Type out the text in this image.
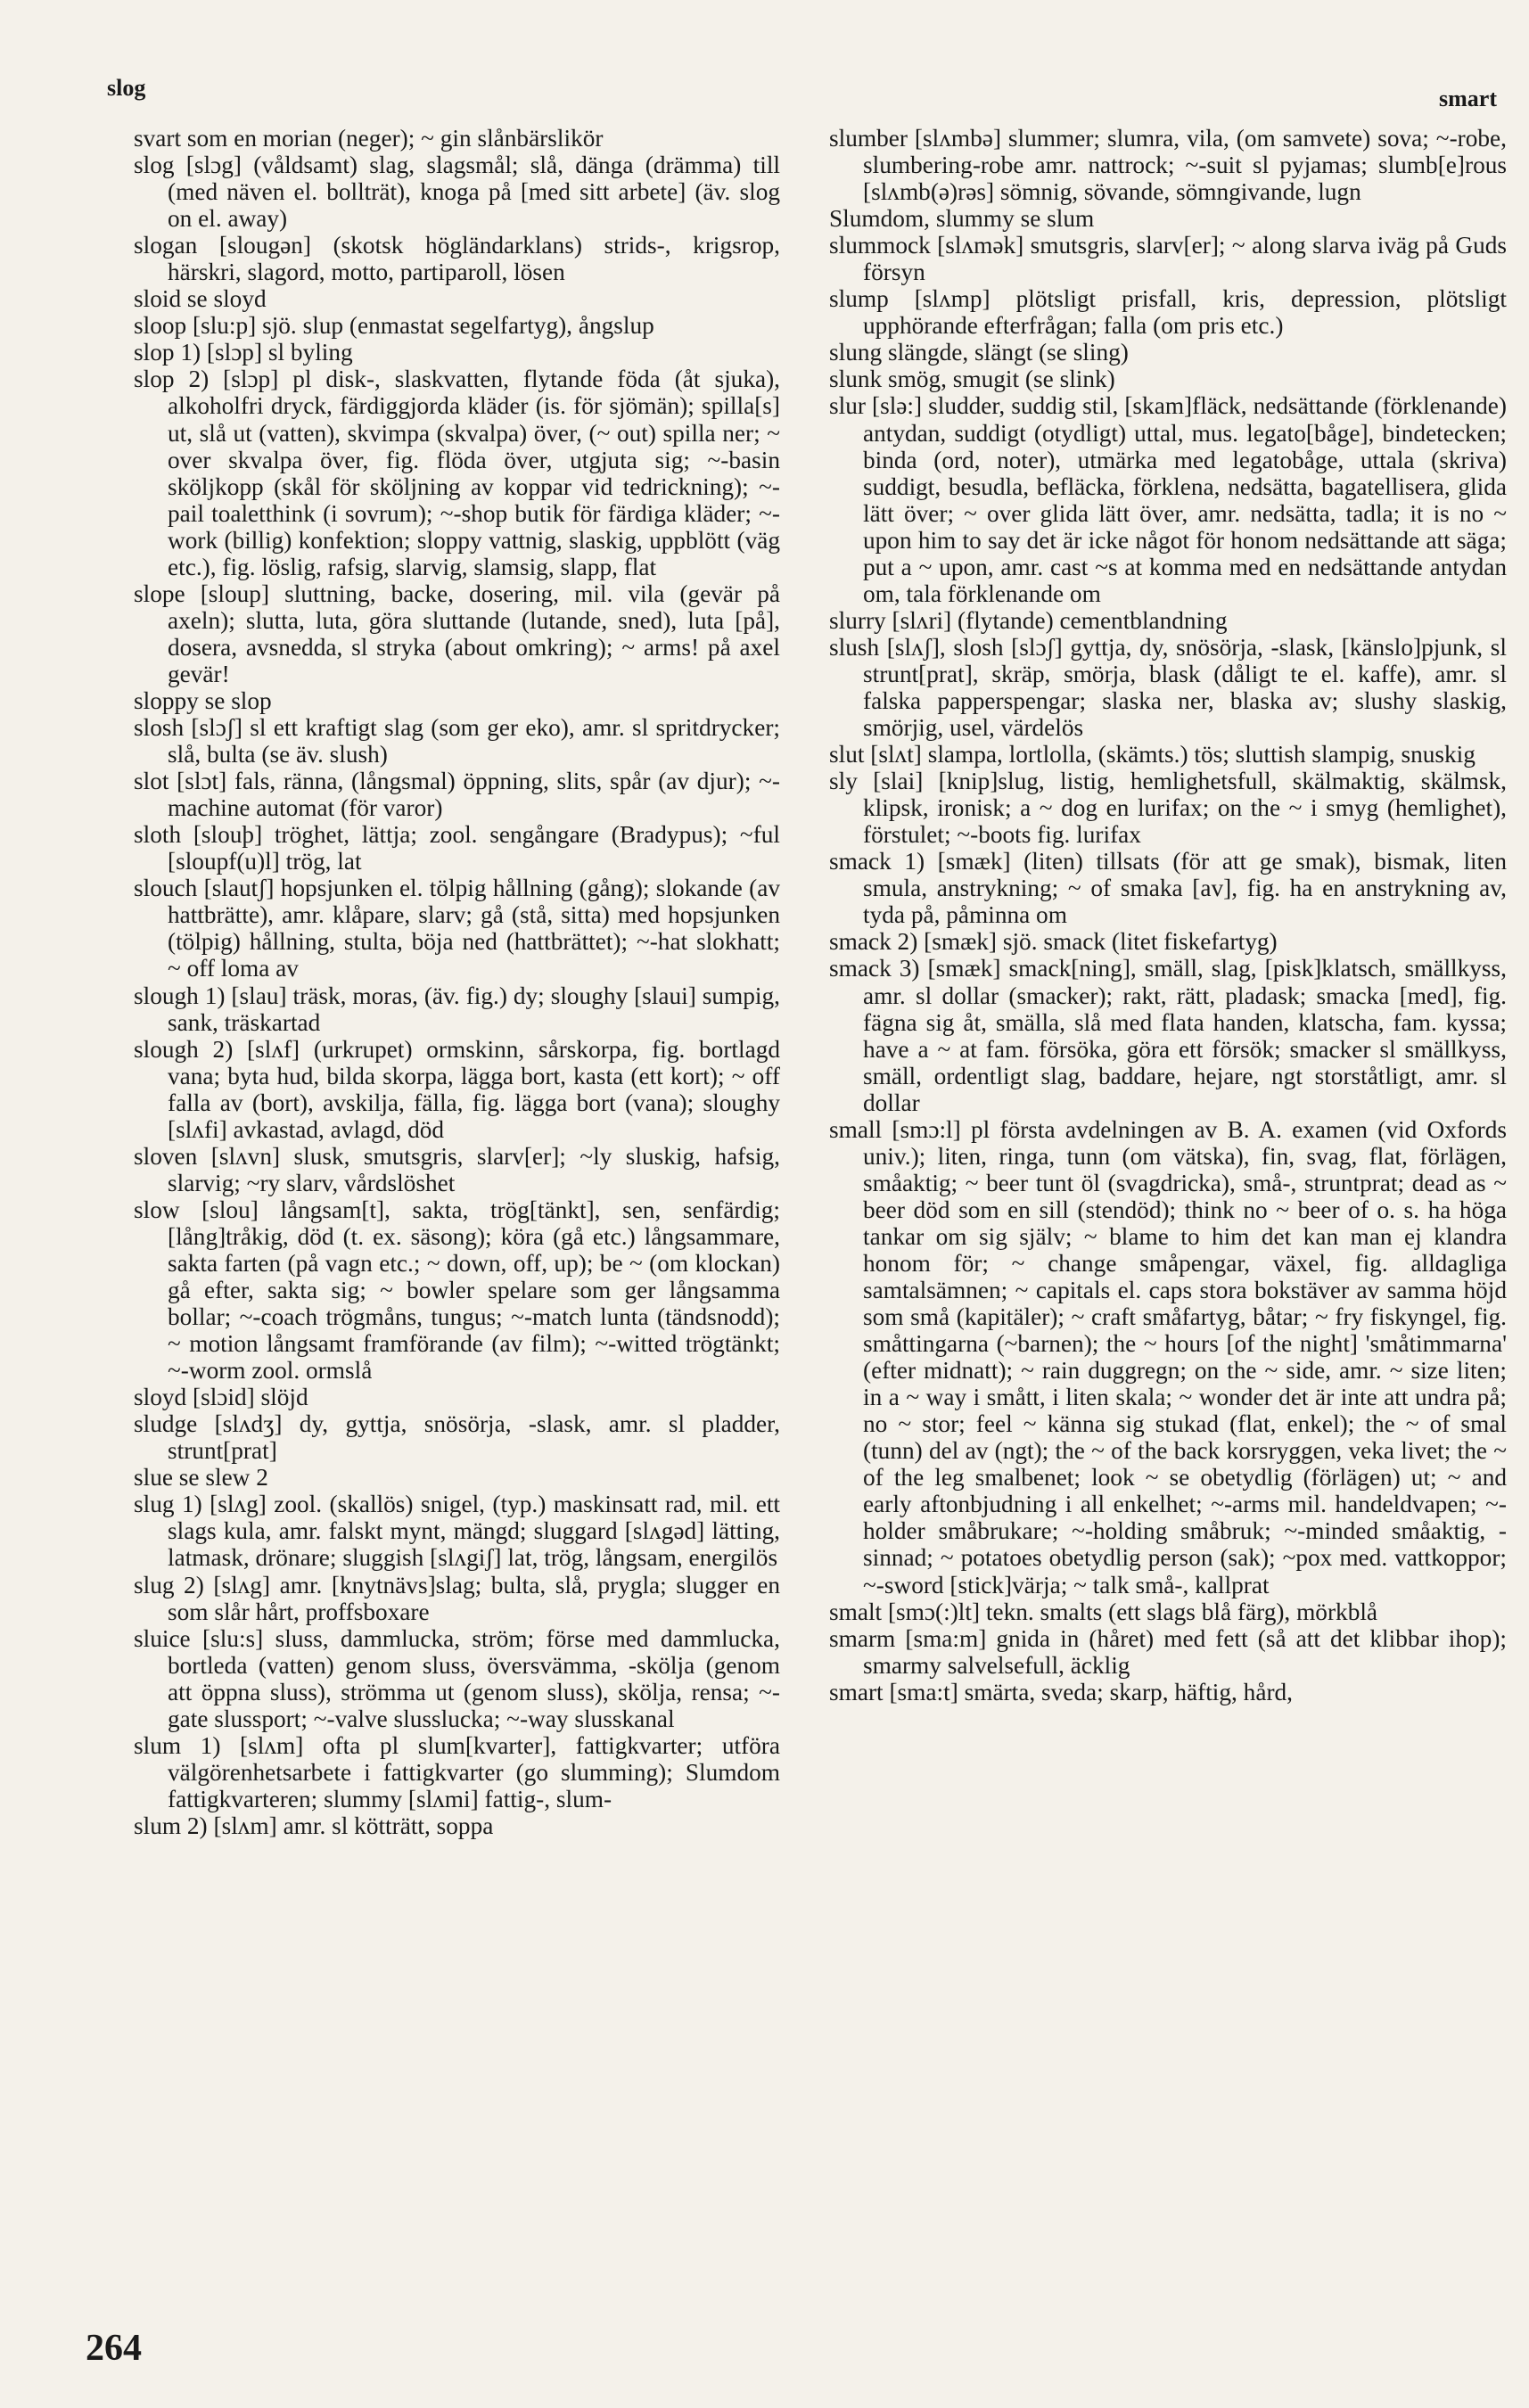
slog	smart

svart som en morian (neger); ~ gin slånbärslikör

slog [slɔg] (våldsamt) slag, slagsmål; slå, dänga (drämma) till (med näven el. bollträt), knoga på [med sitt arbete] (äv. slog on el. away)

slogan [slougən] (skotsk högländarklans) strids-, krigsrop, härskri, slagord, motto, partiparoll, lösen

sloid se sloyd

sloop [slu:p] sjö. slup (enmastat segelfartyg), ångslup

slop 1) [slɔp] sl byling

slop 2) [slɔp] pl disk-, slaskvatten, flytande föda (åt sjuka), alkoholfri dryck, färdiggjorda kläder (is. för sjömän); spilla[s] ut, slå ut (vatten), skvimpa (skvalpa) över, (~ out) spilla ner; ~ over skvalpa över, fig. flöda över, utgjuta sig; ~-basin sköljkopp (skål för sköljning av koppar vid tedrickning); ~-pail toaletthink (i sovrum); ~-shop butik för färdiga kläder; ~-work (billig) konfektion; sloppy vattnig, slaskig, uppblött (väg etc.), fig. löslig, rafsig, slarvig, slamsig, slapp, flat

slope [sloup] sluttning, backe, dosering, mil. vila (gevär på axeln); slutta, luta, göra sluttande (lutande, sned), luta [på], dosera, avsnedda, sl stryka (about omkring); ~ arms! på axel gevär!

sloppy se slop

slosh [slɔʃ] sl ett kraftigt slag (som ger eko), amr. sl spritdrycker; slå, bulta (se äv. slush)

slot [slɔt] fals, ränna, (långsmal) öppning, slits, spår (av djur); ~-machine automat (för varor)

sloth [slouþ] tröghet, lättja; zool. sengångare (Bradypus); ~ful [sloupf(u)l] trög, lat

slouch [slautʃ] hopsjunken el. tölpig hållning (gång); slokande (av hattbrätte), amr. klåpare, slarv; gå (stå, sitta) med hopsjunken (tölpig) hållning, stulta, böja ned (hattbrättet); ~-hat slokhatt; ~ off loma av

slough 1) [slau] träsk, moras, (äv. fig.) dy; sloughy [slaui] sumpig, sank, träskartad

slough 2) [slʌf] (urkrupet) ormskinn, sårskorpa, fig. bortlagd vana; byta hud, bilda skorpa, lägga bort, kasta (ett kort); ~ off falla av (bort), avskilja, fälla, fig. lägga bort (vana); sloughy [slʌfi] avkastad, avlagd, död

sloven [slʌvn] slusk, smutsgris, slarv[er]; ~ly sluskig, hafsig, slarvig; ~ry slarv, vårdslöshet

slow [slou] långsam[t], sakta, trög[tänkt], sen, senfärdig; [lång]tråkig, död (t. ex. säsong); köra (gå etc.) långsammare, sakta farten (på vagn etc.; ~ down, off, up); be ~ (om klockan) gå efter, sakta sig; ~ bowler spelare som ger långsamma bollar; ~-coach trögmåns, tungus; ~-match lunta (tändsnodd); ~ motion långsamt framförande (av film); ~-witted trögtänkt; ~-worm zool. ormslå

sloyd [slɔid] slöjd

sludge [slʌdʒ] dy, gyttja, snösörja, -slask, amr. sl pladder, strunt[prat]

slue se slew 2

slug 1) [slʌg] zool. (skallös) snigel, (typ.) maskinsatt rad, mil. ett slags kula, amr. falskt mynt, mängd; sluggard [slʌgəd] lätting, latmask, drönare; sluggish [slʌgiʃ] lat, trög, långsam, energilös

slug 2) [slʌg] amr. [knytnävs]slag; bulta, slå, prygla; slugger en som slår hårt, proffsboxare

sluice [slu:s] sluss, dammlucka, ström; förse med dammlucka, bortleda (vatten) genom sluss, översvämma, -skölja (genom att öppna sluss), strömma ut (genom sluss), skölja, rensa; ~-gate slussport; ~-valve slusslucka; ~-way slusskanal

slum 1) [slʌm] ofta pl slum[kvarter], fattigkvarter; utföra välgörenhetsarbete i fattigkvarter (go slumming); Slumdom fattigkvarteren; slummy [slʌmi] fattig-, slum-

slum 2) [slʌm] amr. sl kötträtt, soppa

slumber [slʌmbə] slummer; slumra, vila, (om samvete) sova; ~-robe, slumbering-robe amr. nattrock; ~-suit sl pyjamas; slumb[e]rous [slʌmb(ə)rəs] sömnig, sövande, sömngivande, lugn

Slumdom, slummy se slum

slummock [slʌmək] smutsgris, slarv[er]; ~ along slarva iväg på Guds försyn

slump [slʌmp] plötsligt prisfall, kris, depression, plötsligt upphörande efterfrågan; falla (om pris etc.)

slung slängde, slängt (se sling)

slunk smög, smugit (se slink)

slur [slə:] sludder, suddig stil, [skam]fläck, nedsättande (förklenande) antydan, suddigt (otydligt) uttal, mus. legato[båge], bindetecken; binda (ord, noter), utmärka med legatobåge, uttala (skriva) suddigt, besudla, befläcka, förklena, nedsätta, bagatellisera, glida lätt över; ~ over glida lätt över, amr. nedsätta, tadla; it is no ~ upon him to say det är icke något för honom nedsättande att säga; put a ~ upon, amr. cast ~s at komma med en nedsättande antydan om, tala förklenande om

slurry [slʌri] (flytande) cementblandning

slush [slʌʃ], slosh [slɔʃ] gyttja, dy, snösörja, -slask, [känslo]pjunk, sl strunt[prat], skräp, smörja, blask (dåligt te el. kaffe), amr. sl falska papperspengar; slaska ner, blaska av; slushy slaskig, smörjig, usel, värdelös

slut [slʌt] slampa, lortlolla, (skämts.) tös; sluttish slampig, snuskig

sly [slai] [knip]slug, listig, hemlighetsfull, skälmaktig, skälmsk, klipsk, ironisk; a ~ dog en lurifax; on the ~ i smyg (hemlighet), förstulet; ~-boots fig. lurifax

smack 1) [smæk] (liten) tillsats (för att ge smak), bismak, liten smula, anstrykning; ~ of smaka [av], fig. ha en anstrykning av, tyda på, påminna om

smack 2) [smæk] sjö. smack (litet fiskefartyg)

smack 3) [smæk] smack[ning], smäll, slag, [pisk]klatsch, smällkyss, amr. sl dollar (smacker); rakt, rätt, pladask; smacka [med], fig. fägna sig åt, smälla, slå med flata handen, klatscha, fam. kyssa; have a ~ at fam. försöka, göra ett försök; smacker sl smällkyss, smäll, ordentligt slag, baddare, hejare, ngt storståtligt, amr. sl dollar

small [smɔ:l] pl första avdelningen av B. A. examen (vid Oxfords univ.); liten, ringa, tunn (om vätska), fin, svag, flat, förlägen, småaktig; ~ beer tunt öl (svagdricka), små-, struntprat; dead as ~ beer död som en sill (stendöd); think no ~ beer of o. s. ha höga tankar om sig själv; ~ blame to him det kan man ej klandra honom för; ~ change småpengar, växel, fig. alldagliga samtalsämnen; ~ capitals el. caps stora bokstäver av samma höjd som små (kapitäler); ~ craft småfartyg, båtar; ~ fry fiskyngel, fig. småttingarna (~barnen); the ~ hours [of the night] 'småtimmarna' (efter midnatt); ~ rain duggregn; on the ~ side, amr. ~ size liten; in a ~ way i smått, i liten skala; ~ wonder det är inte att undra på; no ~ stor; feel ~ känna sig stukad (flat, enkel); the ~ of smal (tunn) del av (ngt); the ~ of the back korsryggen, veka livet; the ~ of the leg smalbenet; look ~ se obetydlig (förlägen) ut; ~ and early aftonbjudning i all enkelhet; ~-arms mil. handeldvapen; ~-holder småbrukare; ~-holding småbruk; ~-minded småaktig, -sinnad; ~ potatoes obetydlig person (sak); ~pox med. vattkoppor; ~-sword [stick]värja; ~ talk små-, kallprat

smalt [smɔ(:)lt] tekn. smalts (ett slags blå färg), mörkblå

smarm [sma:m] gnida in (håret) med fett (så att det klibbar ihop); smarmy salvelsefull, äcklig

smart [sma:t] smärta, sveda; skarp, häftig, hård,

264
